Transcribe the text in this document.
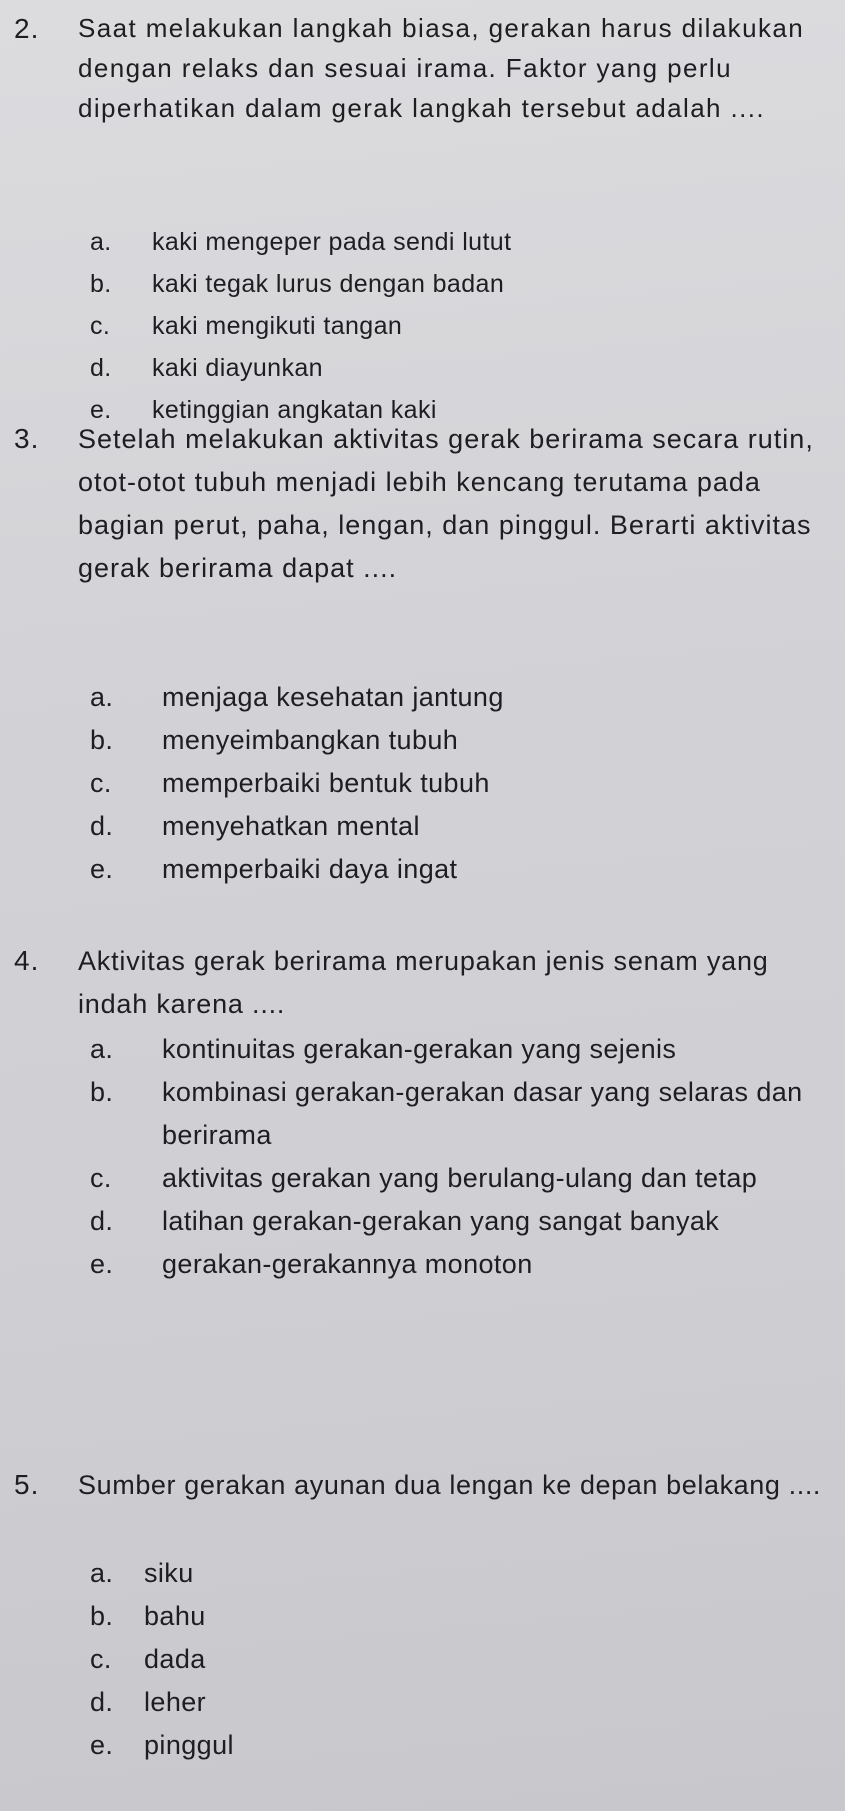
2. Saat melakukan langkah biasa, gerakan harus dilakukan dengan relaks dan sesuai irama. Faktor yang perlu diperhatikan dalam gerak langkah tersebut adalah ....
a.	kaki mengeper pada sendi lutut
b.	kaki tegak lurus dengan badan
c.	kaki mengikuti tangan
d.	kaki diayunkan
e.	ketinggian angkatan kaki
3. Setelah melakukan aktivitas gerak berirama secara rutin, otot-otot tubuh menjadi lebih kencang terutama pada bagian perut, paha, lengan, dan pinggul. Berarti aktivitas gerak berirama dapat ....
a.	menjaga kesehatan jantung
b.	menyeimbangkan tubuh
c.	memperbaiki bentuk tubuh
d.	menyehatkan mental
e.	memperbaiki daya ingat
4. Aktivitas gerak berirama merupakan jenis senam yang indah karena ....
a.	kontinuitas gerakan-gerakan yang sejenis
b.	kombinasi gerakan-gerakan dasar yang selaras dan berirama
c.	aktivitas gerakan yang berulang-ulang dan tetap
d.	latihan gerakan-gerakan yang sangat banyak
e.	gerakan-gerakannya monoton
5. Sumber gerakan ayunan dua lengan ke depan belakang ....
a.	siku
b.	bahu
c.	dada
d.	leher
e.	pinggul
